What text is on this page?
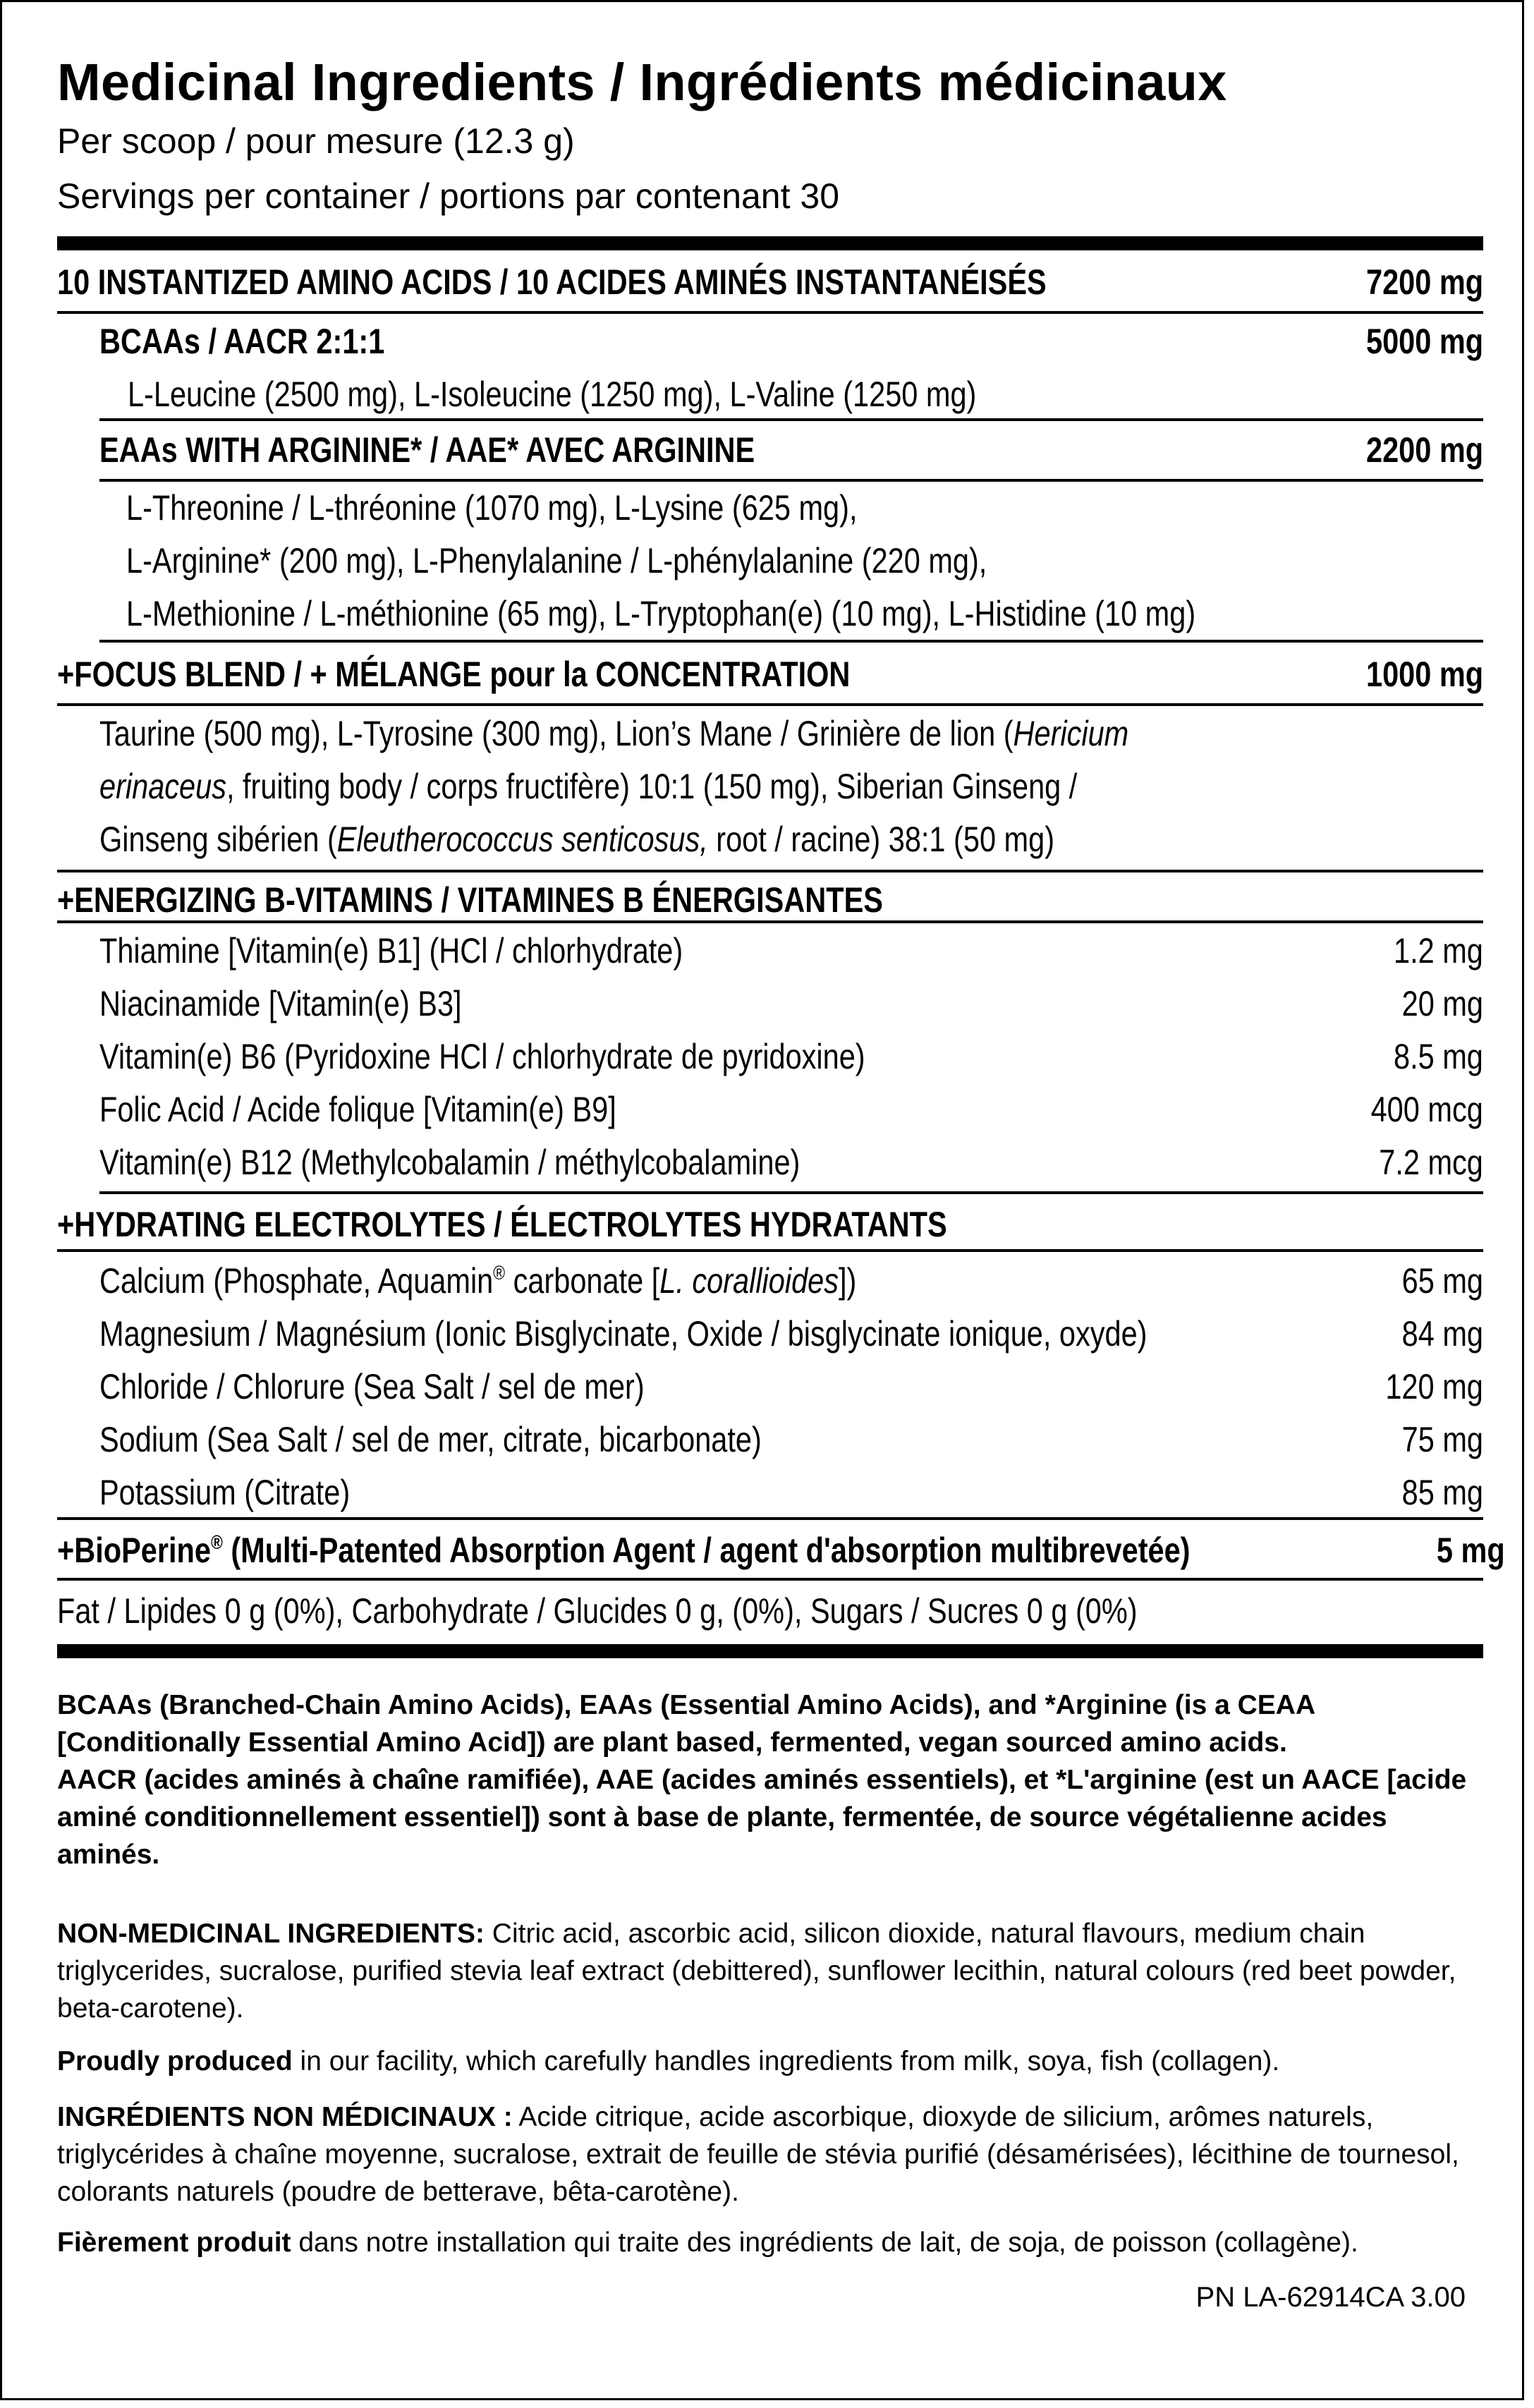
Medicinal Ingredients / Ingrédients médicinaux
Per scoop / pour mesure (12.3 g)
Servings per container / portions par contenant 30
10 INSTANTIZED AMINO ACIDS / 10 ACIDES AMINÉS INSTANTANÉISÉS	7200 mg
BCAAs / AACR 2:1:1	5000 mg
L-Leucine (2500 mg), L-Isoleucine (1250 mg), L-Valine (1250 mg)
EAAs WITH ARGININE* / AAE* AVEC ARGININE	2200 mg
L-Threonine / L-thréonine (1070 mg), L-Lysine (625 mg),
L-Arginine* (200 mg), L-Phenylalanine / L-phénylalanine (220 mg),
L-Methionine / L-méthionine (65 mg), L-Tryptophan(e) (10 mg), L-Histidine (10 mg)
+FOCUS BLEND / + MÉLANGE pour la CONCENTRATION	1000 mg
Taurine (500 mg), L-Tyrosine (300 mg), Lion’s Mane / Grinière de lion (Hericium
erinaceus, fruiting body / corps fructifère) 10:1 (150 mg), Siberian Ginseng /
Ginseng sibérien (Eleutherococcus senticosus, root / racine) 38:1 (50 mg)
+ENERGIZING B-VITAMINS / VITAMINES B ÉNERGISANTES
Thiamine [Vitamin(e) B1] (HCl / chlorhydrate)	1.2 mg
Niacinamide [Vitamin(e) B3]	20 mg
Vitamin(e) B6 (Pyridoxine HCl / chlorhydrate de pyridoxine)	8.5 mg
Folic Acid / Acide folique [Vitamin(e) B9]	400 mcg
Vitamin(e) B12 (Methylcobalamin / méthylcobalamine)	7.2 mcg
+HYDRATING ELECTROLYTES / ÉLECTROLYTES HYDRATANTS
Calcium (Phosphate, Aquamin® carbonate [L. corallioides])	65 mg
Magnesium / Magnésium (Ionic Bisglycinate, Oxide / bisglycinate ionique, oxyde)	84 mg
Chloride / Chlorure (Sea Salt / sel de mer)	120 mg
Sodium (Sea Salt / sel de mer, citrate, bicarbonate)	75 mg
Potassium (Citrate)	85 mg
+BioPerine® (Multi-Patented Absorption Agent / agent d'absorption multibrevetée)	5 mg
Fat / Lipides 0 g (0%), Carbohydrate / Glucides 0 g, (0%), Sugars / Sucres 0 g (0%)

BCAAs (Branched-Chain Amino Acids), EAAs (Essential Amino Acids), and *Arginine (is a CEAA [Conditionally Essential Amino Acid]) are plant based, fermented, vegan sourced amino acids.

AACR (acides aminés à chaîne ramifiée), AAE (acides aminés essentiels), et *L'arginine (est un AACE [acide aminé conditionnellement essentiel]) sont à base de plante, fermentée, de source végétalienne acides aminés.

NON-MEDICINAL INGREDIENTS: Citric acid, ascorbic acid, silicon dioxide, natural flavours, medium chain triglycerides, sucralose, purified stevia leaf extract (debittered), sunflower lecithin, natural colours (red beet powder, beta-carotene).

Proudly produced in our facility, which carefully handles ingredients from milk, soya, fish (collagen).

INGRÉDIENTS NON MÉDICINAUX : Acide citrique, acide ascorbique, dioxyde de silicium, arômes naturels, triglycérides à chaîne moyenne, sucralose, extrait de feuille de stévia purifié (désamérisées), lécithine de tournesol, colorants naturels (poudre de betterave, bêta-carotène).

Fièrement produit dans notre installation qui traite des ingrédients de lait, de soja, de poisson (collagène).

PN LA-62914CA 3.00
